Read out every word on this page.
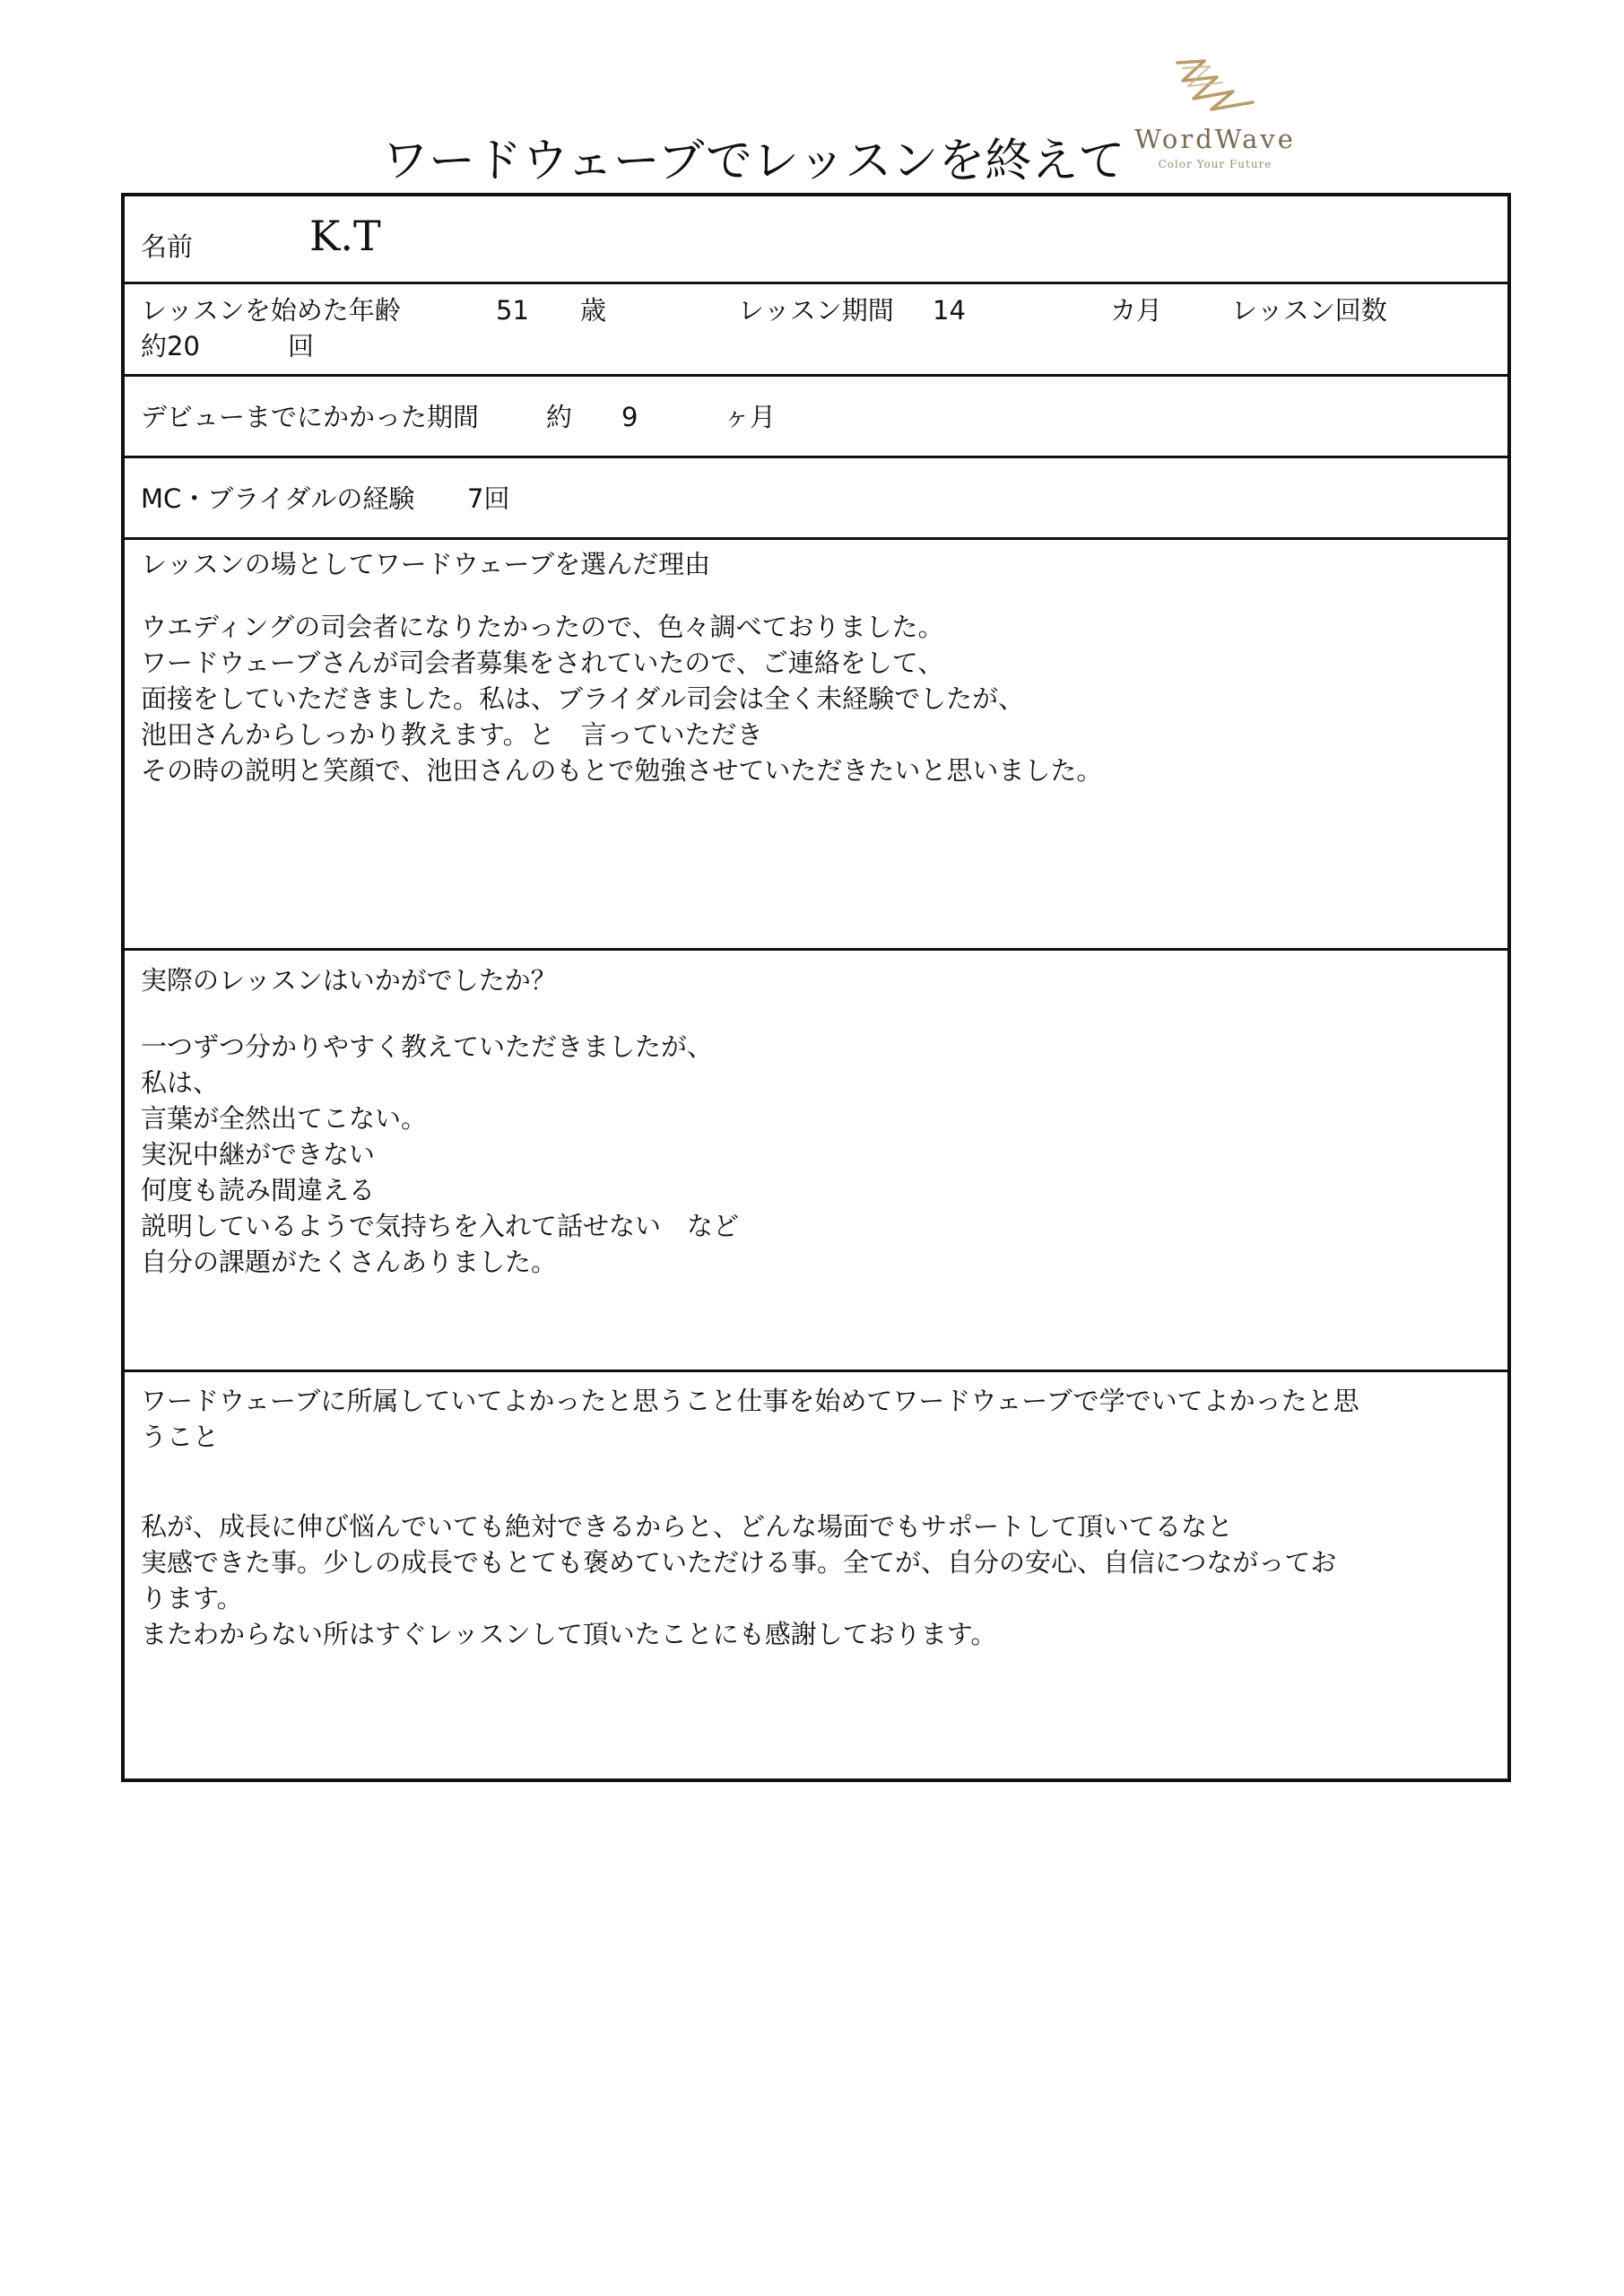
WordWave
Color Your Future
ワードウェーブでレッスンを終えて
名前	K.T
レッスンを始めた年齢	51 歳	レッスン期間 14	カ月	レッスン回数
約20	回
デビューまでにかかった期間	約 9	ヶ月
MC・ブライダルの経験 7回
レッスンの場としてワードウェーブを選んだ理由
ウエディングの司会者になりたかったので、色々調べておりました。
ワードウェーブさんが司会者募集をされていたので、ご連絡をして、
面接をしていただきました。私は、ブライダル司会は全く未経験でしたが、
池田さんからしっかり教えます。と　言っていただき
その時の説明と笑顔で、池田さんのもとで勉強させていただきたいと思いました。
実際のレッスンはいかがでしたか？
一つずつ分かりやすく教えていただきましたが、
私は、
言葉が全然出てこない。
実況中継ができない
何度も読み間違える
説明しているようで気持ちを入れて話せない　など
自分の課題がたくさんありました。
ワードウェーブに所属していてよかったと思うこと仕事を始めてワードウェーブで学でいてよかったと思
うこと
私が、成長に伸び悩んでいても絶対できるからと、どんな場面でもサポートして頂いてるなと
実感できた事。少しの成長でもとても褒めていただける事。全てが、自分の安心、自信につながってお
ります。
またわからない所はすぐレッスンして頂いたことにも感謝しております。
